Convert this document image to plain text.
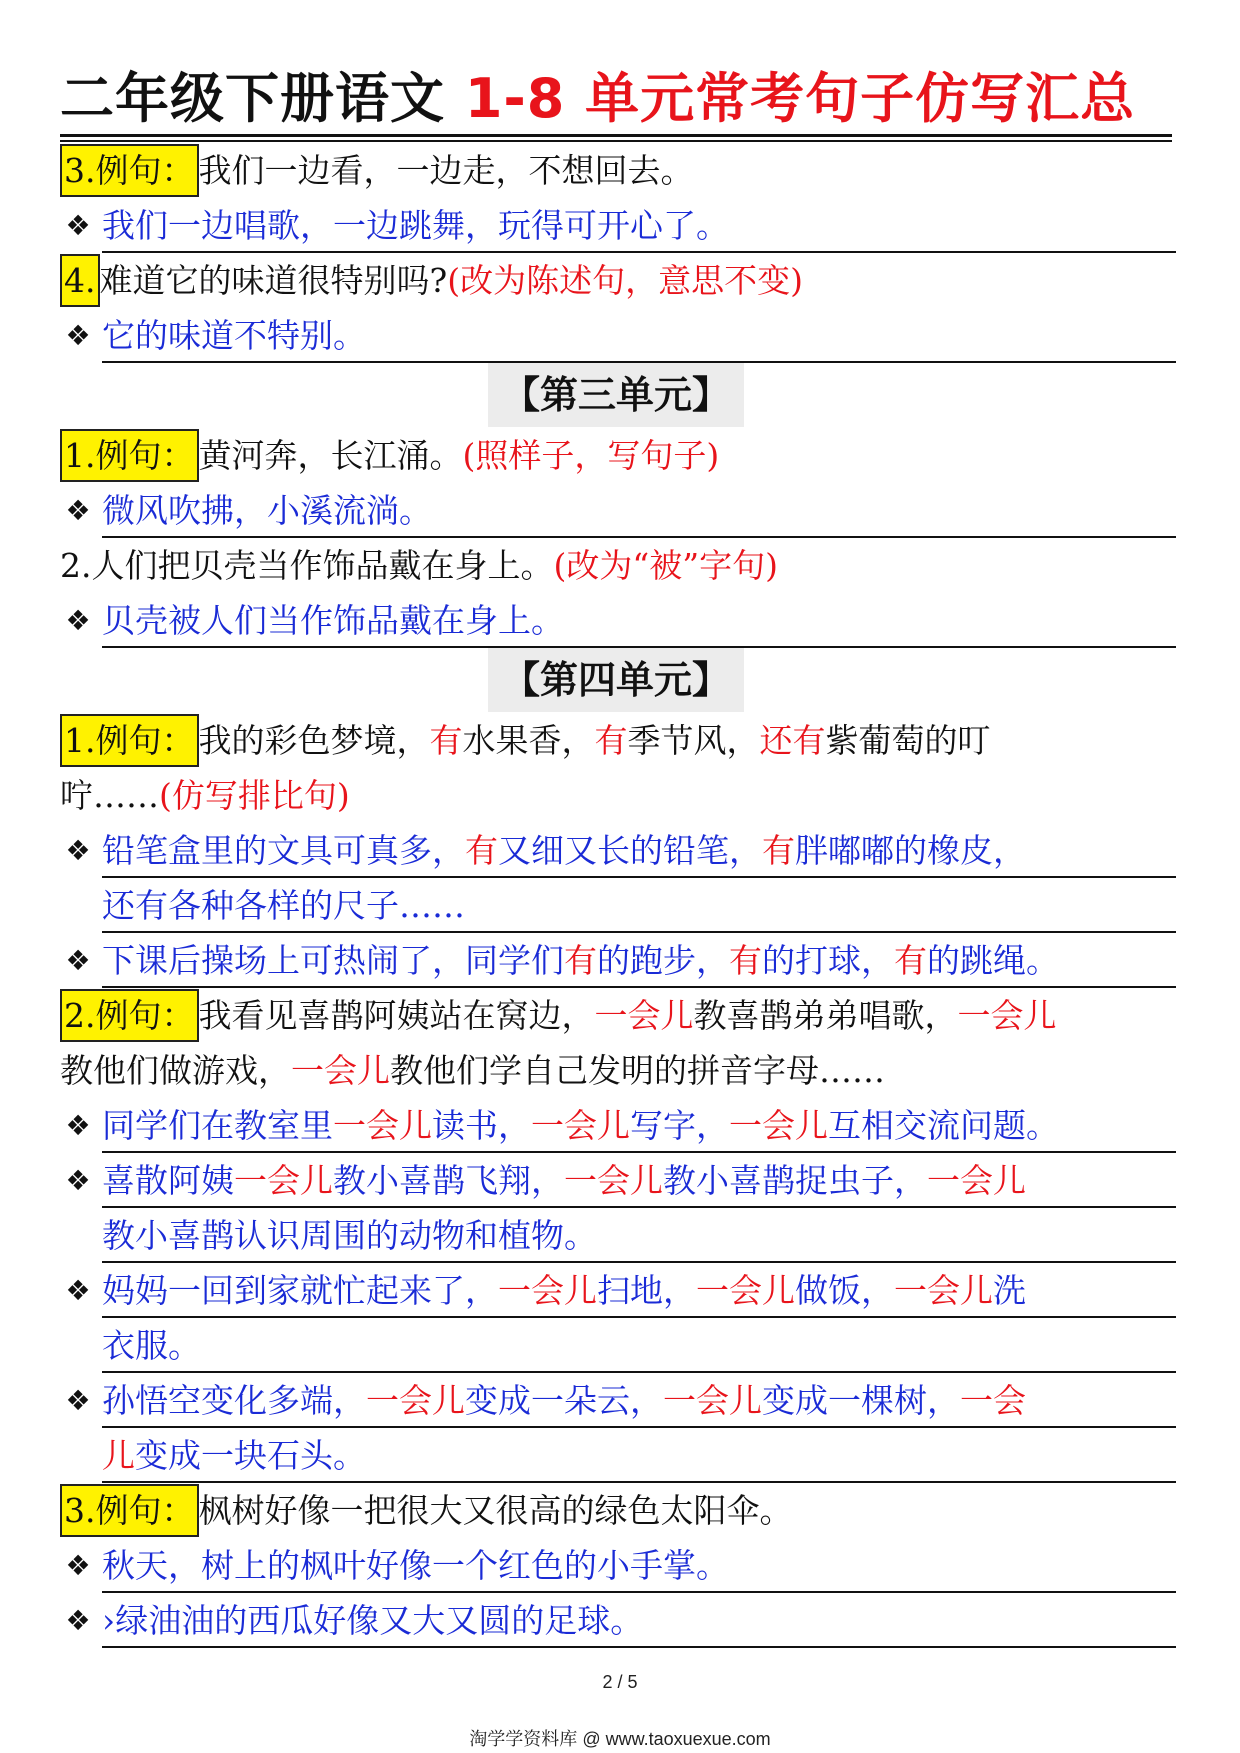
二年级下册语文 1-8 单元常考句子仿写汇总
3.例句： 我们一边看，一边走，不想回去。
❖ 我们一边唱歌，一边跳舞，玩得可开心了。
4. 难道它的味道很特别吗?(改为陈述句，意思不变)
❖ 它的味道不特别。
【第三单元】
1.例句： 黄河奔，长江涌。(照样子，写句子)
❖ 微风吹拂，小溪流淌。
2.人们把贝壳当作饰品戴在身上。(改为“被”字句)
❖ 贝壳被人们当作饰品戴在身上。
【第四单元】
1.例句： 我的彩色梦境，有水果香，有季节风，还有紫葡萄的叮
咛……(仿写排比句)
❖ 铅笔盒里的文具可真多，有又细又长的铅笔，有胖嘟嘟的橡皮，
还有各种各样的尺子……
❖ 下课后操场上可热闹了，同学们有的跑步，有的打球，有的跳绳。
2.例句： 我看见喜鹊阿姨站在窝边，一会儿教喜鹊弟弟唱歌，一会儿
教他们做游戏，一会儿教他们学自己发明的拼音字母……
❖ 同学们在教室里一会儿读书，一会儿写字，一会儿互相交流问题。
❖ 喜散阿姨一会儿教小喜鹊飞翔，一会儿教小喜鹊捉虫子，一会儿
教小喜鹊认识周围的动物和植物。
❖ 妈妈一回到家就忙起来了，一会儿扫地，一会儿做饭，一会儿洗
衣服。
❖ 孙悟空变化多端，一会儿变成一朵云，一会儿变成一棵树，一会
儿变成一块石头。
3.例句： 枫树好像一把很大又很高的绿色太阳伞。
❖ 秋天，树上的枫叶好像一个红色的小手掌。
❖ ›绿油油的西瓜好像又大又圆的足球。
2 / 5
淘学学资料库 @ www.taoxuexue.com
